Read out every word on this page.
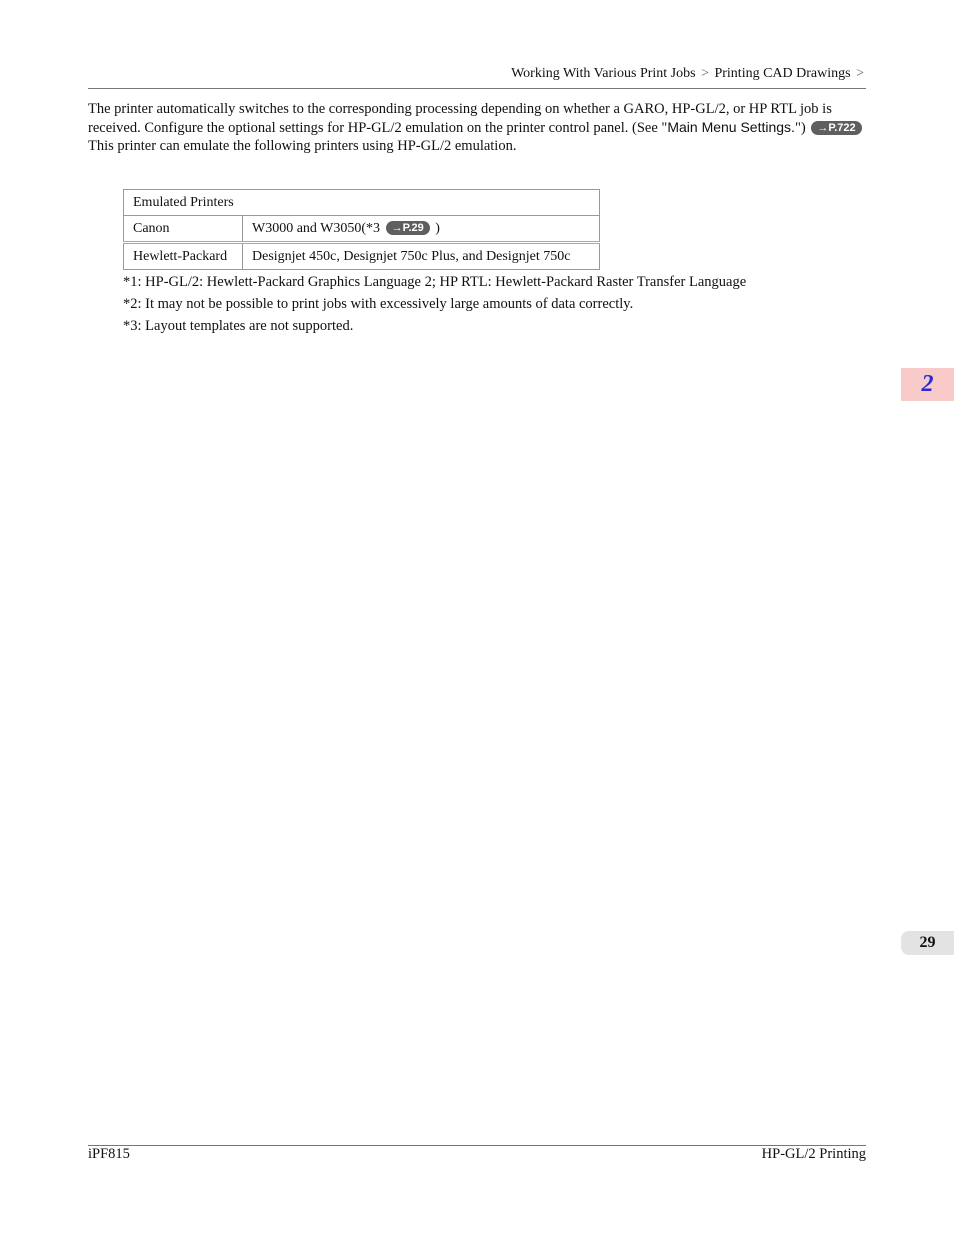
Working With Various Print Jobs > Printing CAD Drawings >

The printer automatically switches to the corresponding processing depending on whether a GARO, HP-GL/2, or HP RTL job is received. Configure the optional settings for HP-GL/2 emulation on the printer control panel. (See "Main Menu Settings.") →P.722

This printer can emulate the following printers using HP-GL/2 emulation.

Emulated Printers	
Canon	W3000 and W3050(*3 →P.29 )
Hewlett-Packard	Designjet 450c, Designjet 750c Plus, and Designjet 750c
*1: HP-GL/2: Hewlett-Packard Graphics Language 2; HP RTL: Hewlett-Packard Raster Transfer Language
*2: It may not be possible to print jobs with excessively large amounts of data correctly.
*3: Layout templates are not supported.
2
29
iPF815	HP-GL/2 Printing
